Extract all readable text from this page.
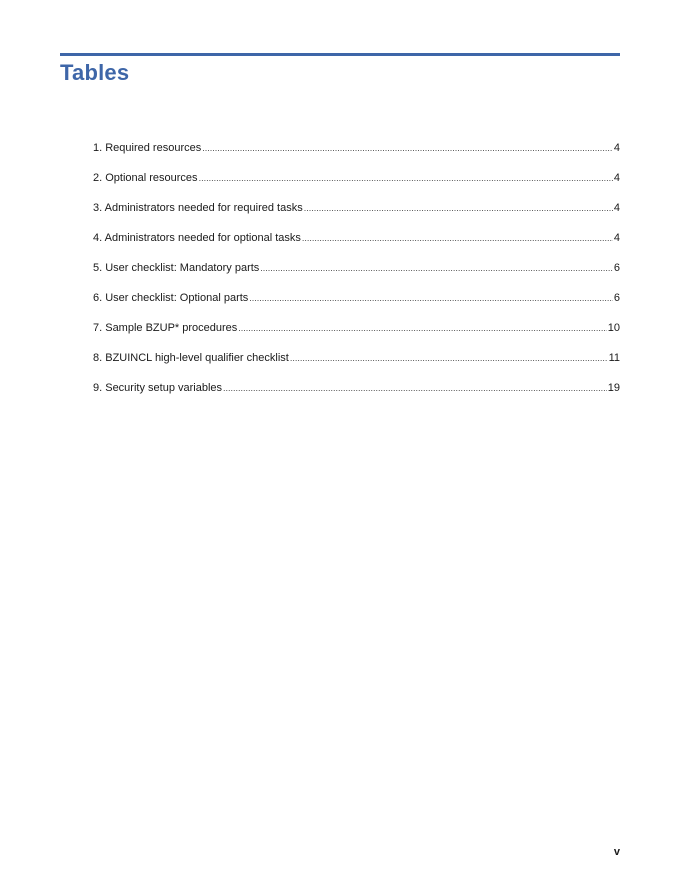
Tables
1. Required resources .....	4
2. Optional resources .....	4
3. Administrators needed for required tasks .....	4
4. Administrators needed for optional tasks .....	4
5. User checklist: Mandatory parts .....	6
6. User checklist: Optional parts .....	6
7. Sample BZUP* procedures .....	10
8. BZUINCL high-level qualifier checklist .....	11
9. Security setup variables .....	19
v
